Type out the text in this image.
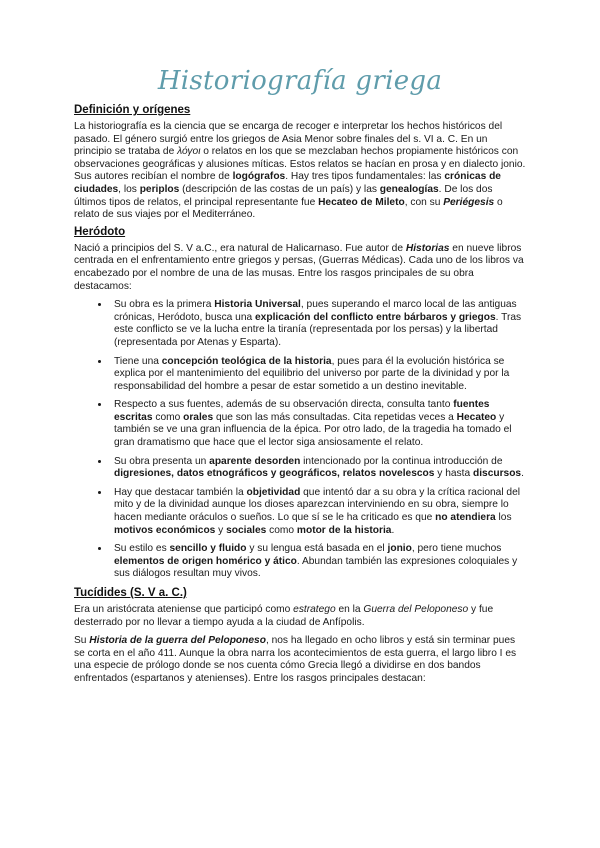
Historiografía griega
Definición y orígenes

La historiografía es la ciencia que se encarga de recoger e interpretar los hechos históricos del pasado. El género surgió entre los griegos de Asia Menor sobre finales del s. VI a. C. En un principio se trataba de λόγοι o relatos en los que se mezclaban hechos propiamente históricos con observaciones geográficas y alusiones míticas. Estos relatos se hacían en prosa y en dialecto jonio. Sus autores recibían el nombre de logógrafos. Hay tres tipos fundamentales: las crónicas de ciudades, los periplos (descripción de las costas de un país) y las genealogías. De los dos últimos tipos de relatos, el principal representante fue Hecateo de Mileto, con su Periégesis o relato de sus viajes por el Mediterráneo.

Heródoto

Nació a principios del S. V a.C., era natural de Halicarnaso. Fue autor de Historias en nueve libros centrada en el enfrentamiento entre griegos y persas, (Guerras Médicas). Cada uno de los libros va encabezado por el nombre de una de las musas. Entre los rasgos principales de su obra destacamos:

• Su obra es la primera Historia Universal, pues superando el marco local de las antiguas crónicas, Heródoto, busca una explicación del conflicto entre bárbaros y griegos. Tras este conflicto se ve la lucha entre la tiranía (representada por los persas) y la libertad (representada por Atenas y Esparta).
• Tiene una concepción teológica de la historia, pues para él la evolución histórica se explica por el mantenimiento del equilibrio del universo por parte de la divinidad y por la responsabilidad del hombre a pesar de estar sometido a un destino inevitable.
• Respecto a sus fuentes, además de su observación directa, consulta tanto fuentes escritas como orales que son las más consultadas. Cita repetidas veces a Hecateo y también se ve una gran influencia de la épica. Por otro lado, de la tragedia ha tomado el gran dramatismo que hace que el lector siga ansiosamente el relato.
• Su obra presenta un aparente desorden intencionado por la continua introducción de digresiones, datos etnográficos y geográficos, relatos novelescos y hasta discursos.
• Hay que destacar también la objetividad que intentó dar a su obra y la crítica racional del mito y de la divinidad aunque los dioses aparezcan interviniendo en su obra, siempre lo hacen mediante oráculos o sueños. Lo que sí se le ha criticado es que no atendiera los motivos económicos y sociales como motor de la historia.
• Su estilo es sencillo y fluido y su lengua está basada en el jonio, pero tiene muchos elementos de origen homérico y ático. Abundan también las expresiones coloquiales y sus diálogos resultan muy vivos.
Tucídides (S. V a. C.)

Era un aristócrata ateniense que participó como estratego en la Guerra del Peloponeso y fue desterrado por no llevar a tiempo ayuda a la ciudad de Anfípolis.

Su Historia de la guerra del Peloponeso, nos ha llegado en ocho libros y está sin terminar pues se corta en el año 411. Aunque la obra narra los acontecimientos de esta guerra, el largo libro I es una especie de prólogo donde se nos cuenta cómo Grecia llegó a dividirse en dos bandos enfrentados (espartanos y atenienses). Entre los rasgos principales destacan:
